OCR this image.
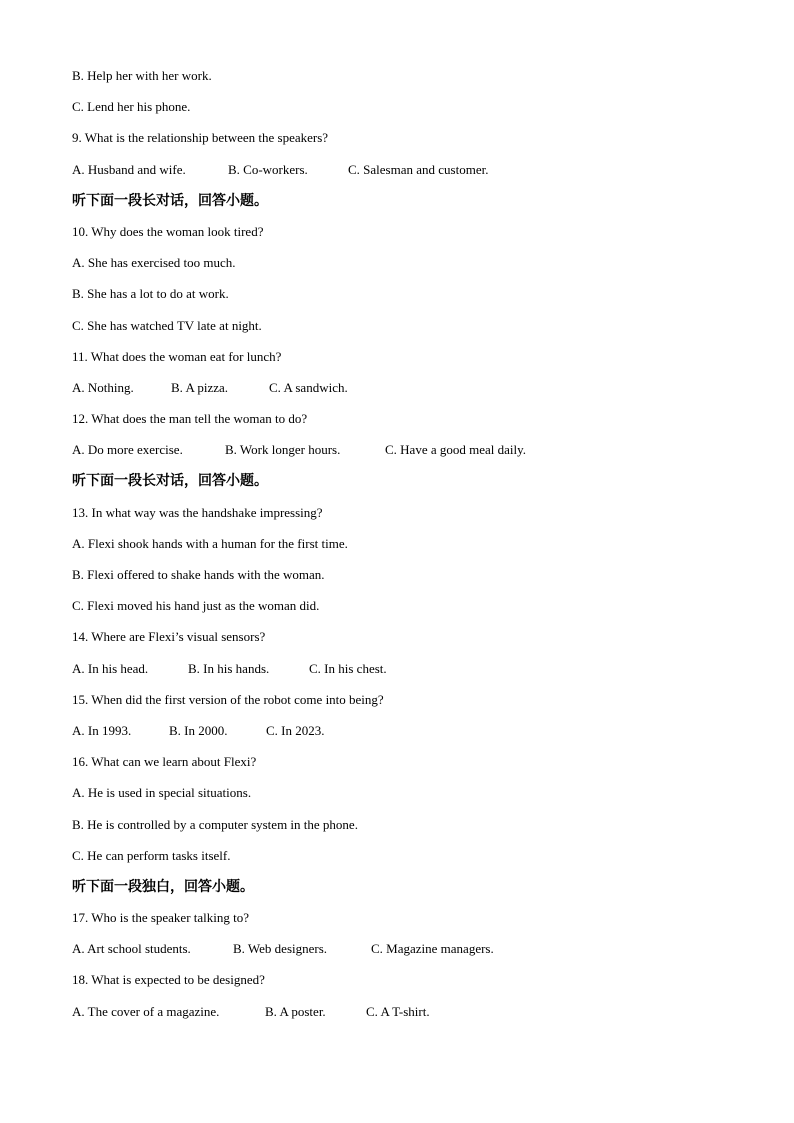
B. Help her with her work.
C. Lend her his phone.
9. What is the relationship between the speakers?
A. Husband and wife.	B. Co-workers.	C. Salesman and customer.
听下面一段长对话，回答小题。
10. Why does the woman look tired?
A. She has exercised too much.
B. She has a lot to do at work.
C. She has watched TV late at night.
11. What does the woman eat for lunch?
A. Nothing.	B. A pizza.	C. A sandwich.
12. What does the man tell the woman to do?
A. Do more exercise.	B. Work longer hours.	C. Have a good meal daily.
听下面一段长对话，回答小题。
13. In what way was the handshake impressing?
A. Flexi shook hands with a human for the first time.
B. Flexi offered to shake hands with the woman.
C. Flexi moved his hand just as the woman did.
14. Where are Flexi’s visual sensors?
A. In his head.	B. In his hands.	C. In his chest.
15. When did the first version of the robot come into being?
A. In 1993.	B. In 2000.	C. In 2023.
16. What can we learn about Flexi?
A. He is used in special situations.
B. He is controlled by a computer system in the phone.
C. He can perform tasks itself.
听下面一段独白，回答小题。
17. Who is the speaker talking to?
A. Art school students.	B. Web designers.	C. Magazine managers.
18. What is expected to be designed?
A. The cover of a magazine.	B. A poster.	C. A T-shirt.
